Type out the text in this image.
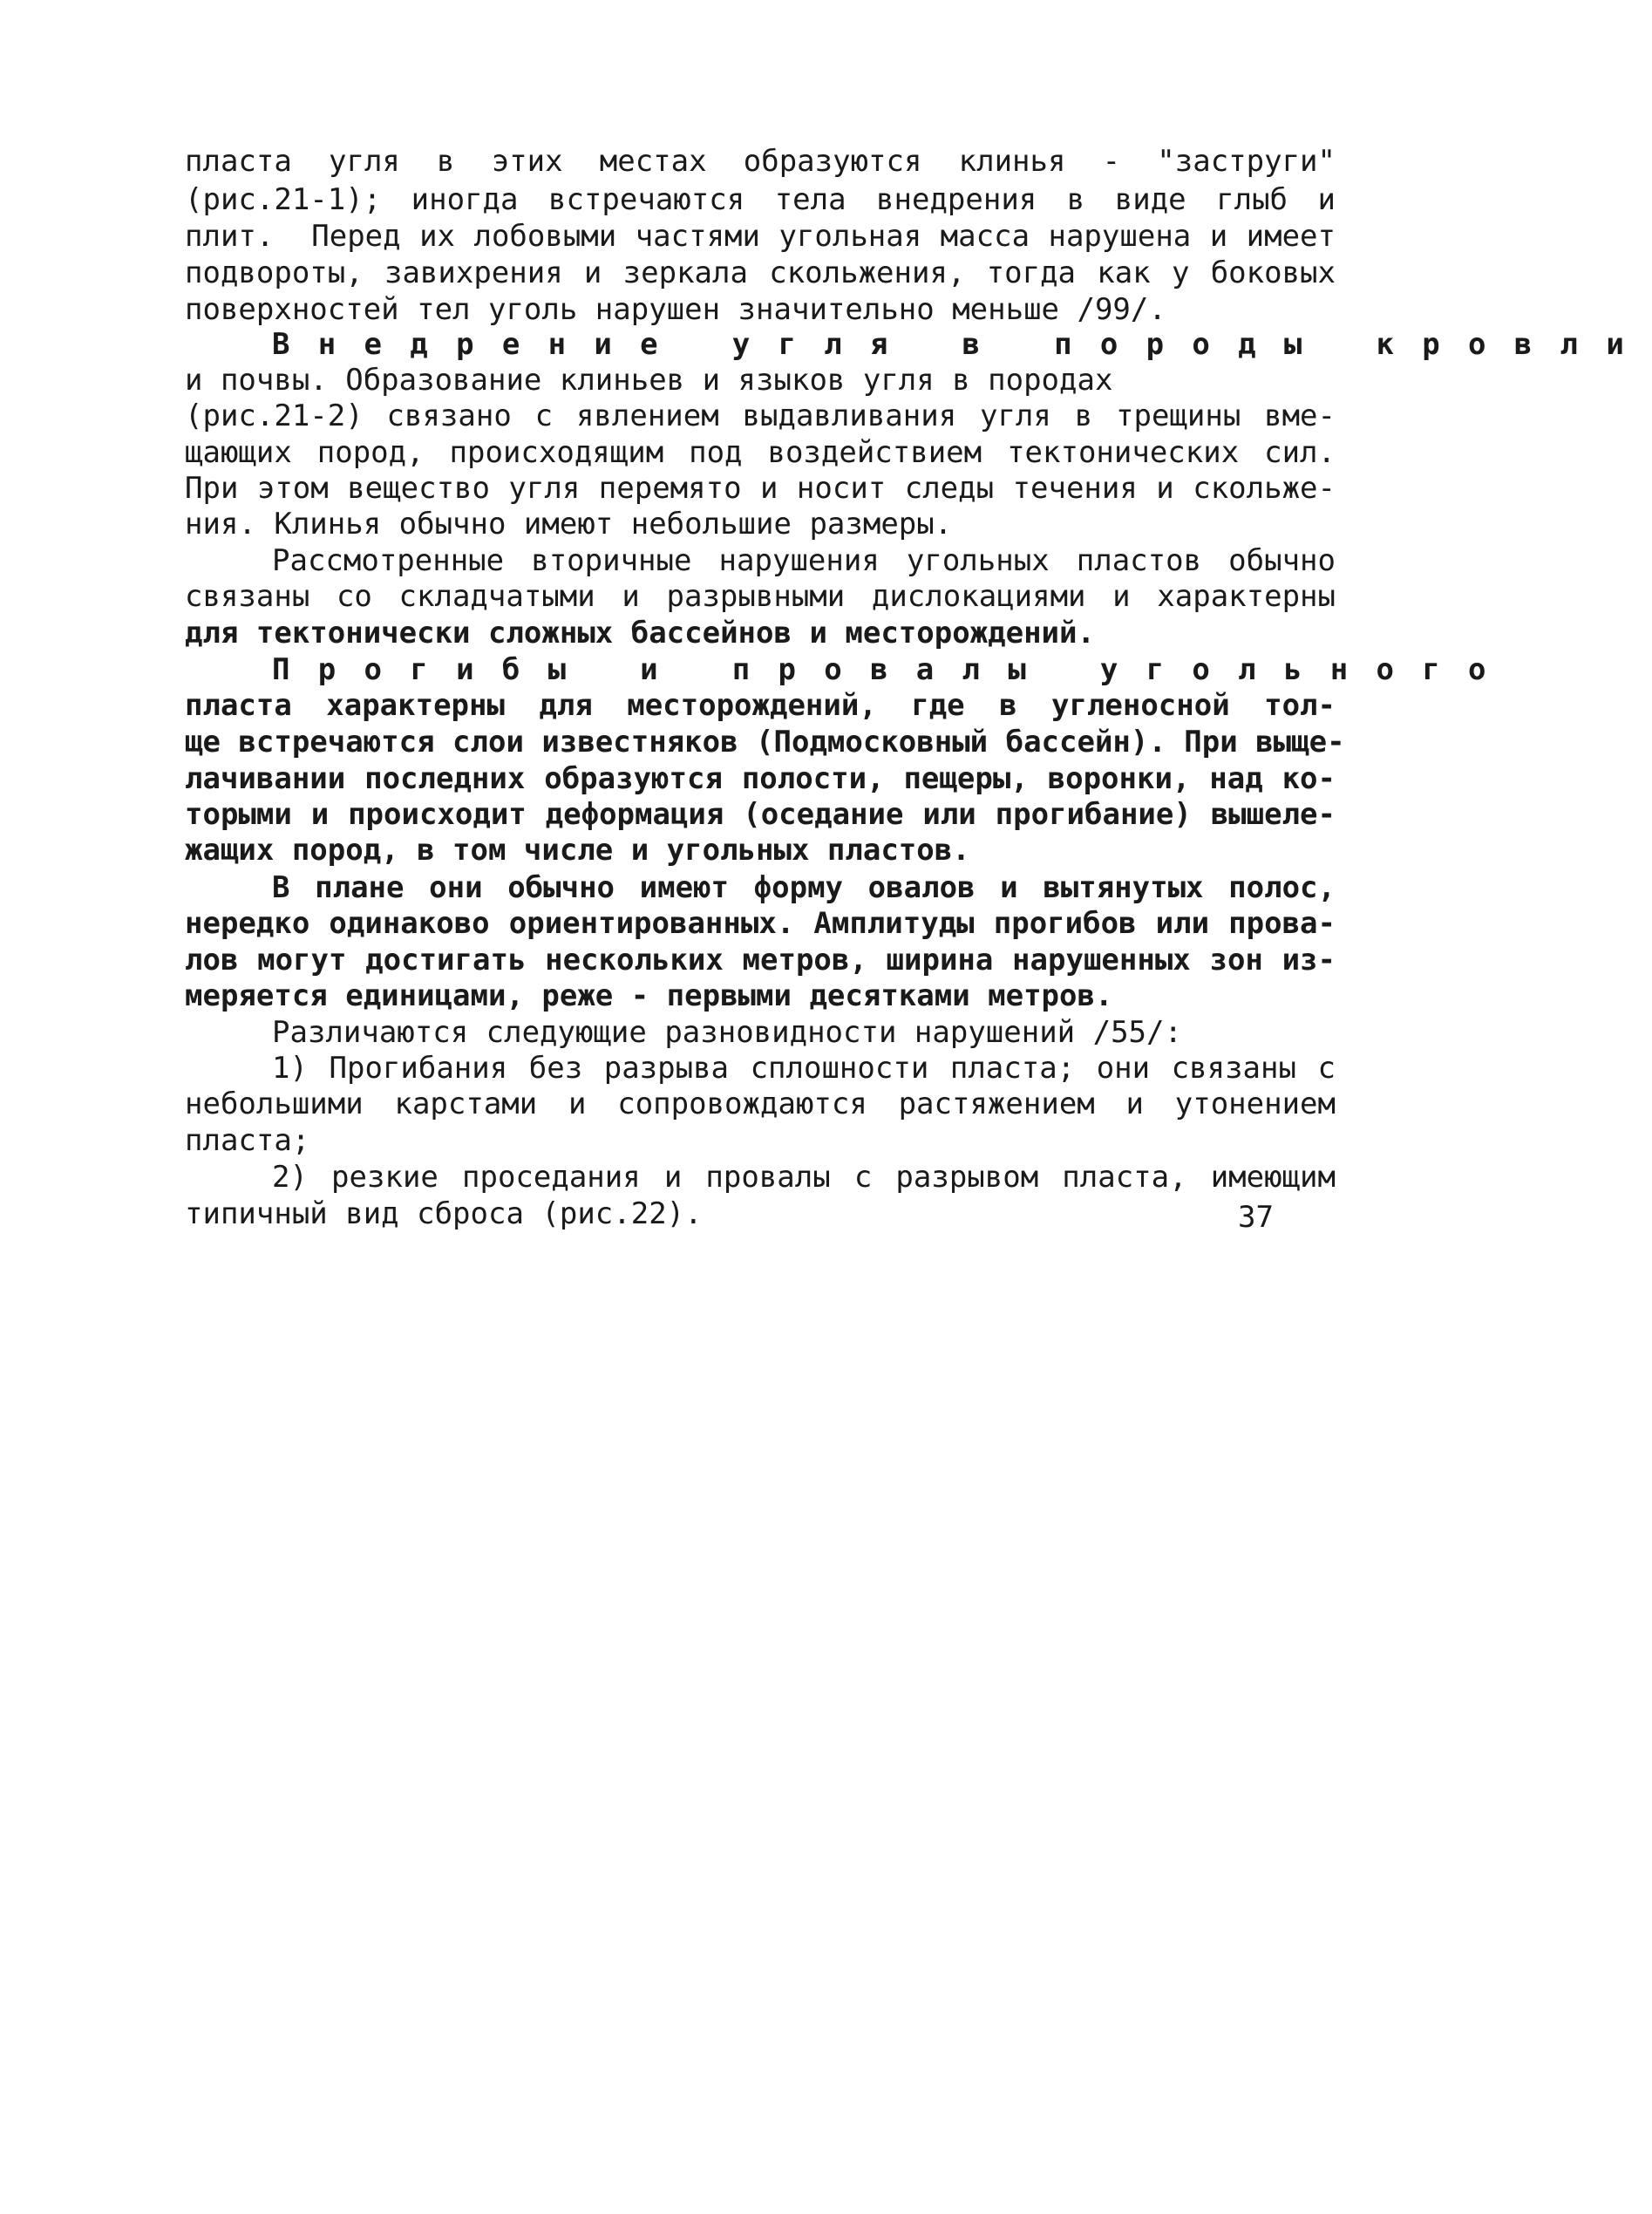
пласта угля в этих местах образуются клинья - "заструги"
(рис.21-1); иногда встречаются тела внедрения в виде глыб и
плит.  Перед их лобовыми частями угольная масса нарушена и имеет
подвороты, завихрения и зеркала скольжения, тогда как у боковых
поверхностей тел уголь нарушен значительно меньше /99/.
Внедрение угля в породы кровли
и почвы. Образование клиньев и языков угля в породах
(рис.21-2) связано с явлением выдавливания угля в трещины вме-
щающих пород, происходящим под воздействием тектонических сил.
При этом вещество угля перемято и носит следы течения и скольже-
ния. Клинья обычно имеют небольшие размеры.
Рассмотренные вторичные нарушения угольных пластов обычно
связаны со складчатыми и разрывными дислокациями и характерны
для тектонически сложных бассейнов и месторождений.
Прогибы и провалы угольного
пласта характерны для месторождений, где в угленосной тол-
ще встречаются слои известняков (Подмосковный бассейн). При выще-
лачивании последних образуются полости, пещеры, воронки, над ко-
торыми и происходит деформация (оседание или прогибание) вышеле-
жащих пород, в том числе и угольных пластов.
В плане они обычно имеют форму овалов и вытянутых полос,
нередко одинаково ориентированных. Амплитуды прогибов или прова-
лов могут достигать нескольких метров, ширина нарушенных зон из-
меряется единицами, реже - первыми десятками метров.
Различаются следующие разновидности нарушений /55/:
1) Прогибания без разрыва сплошности пласта; они связаны с
небольшими карстами и сопровождаются растяжением и утонением
пласта;
2) резкие проседания и провалы с разрывом пласта, имеющим
типичный вид сброса (рис.22).	37
